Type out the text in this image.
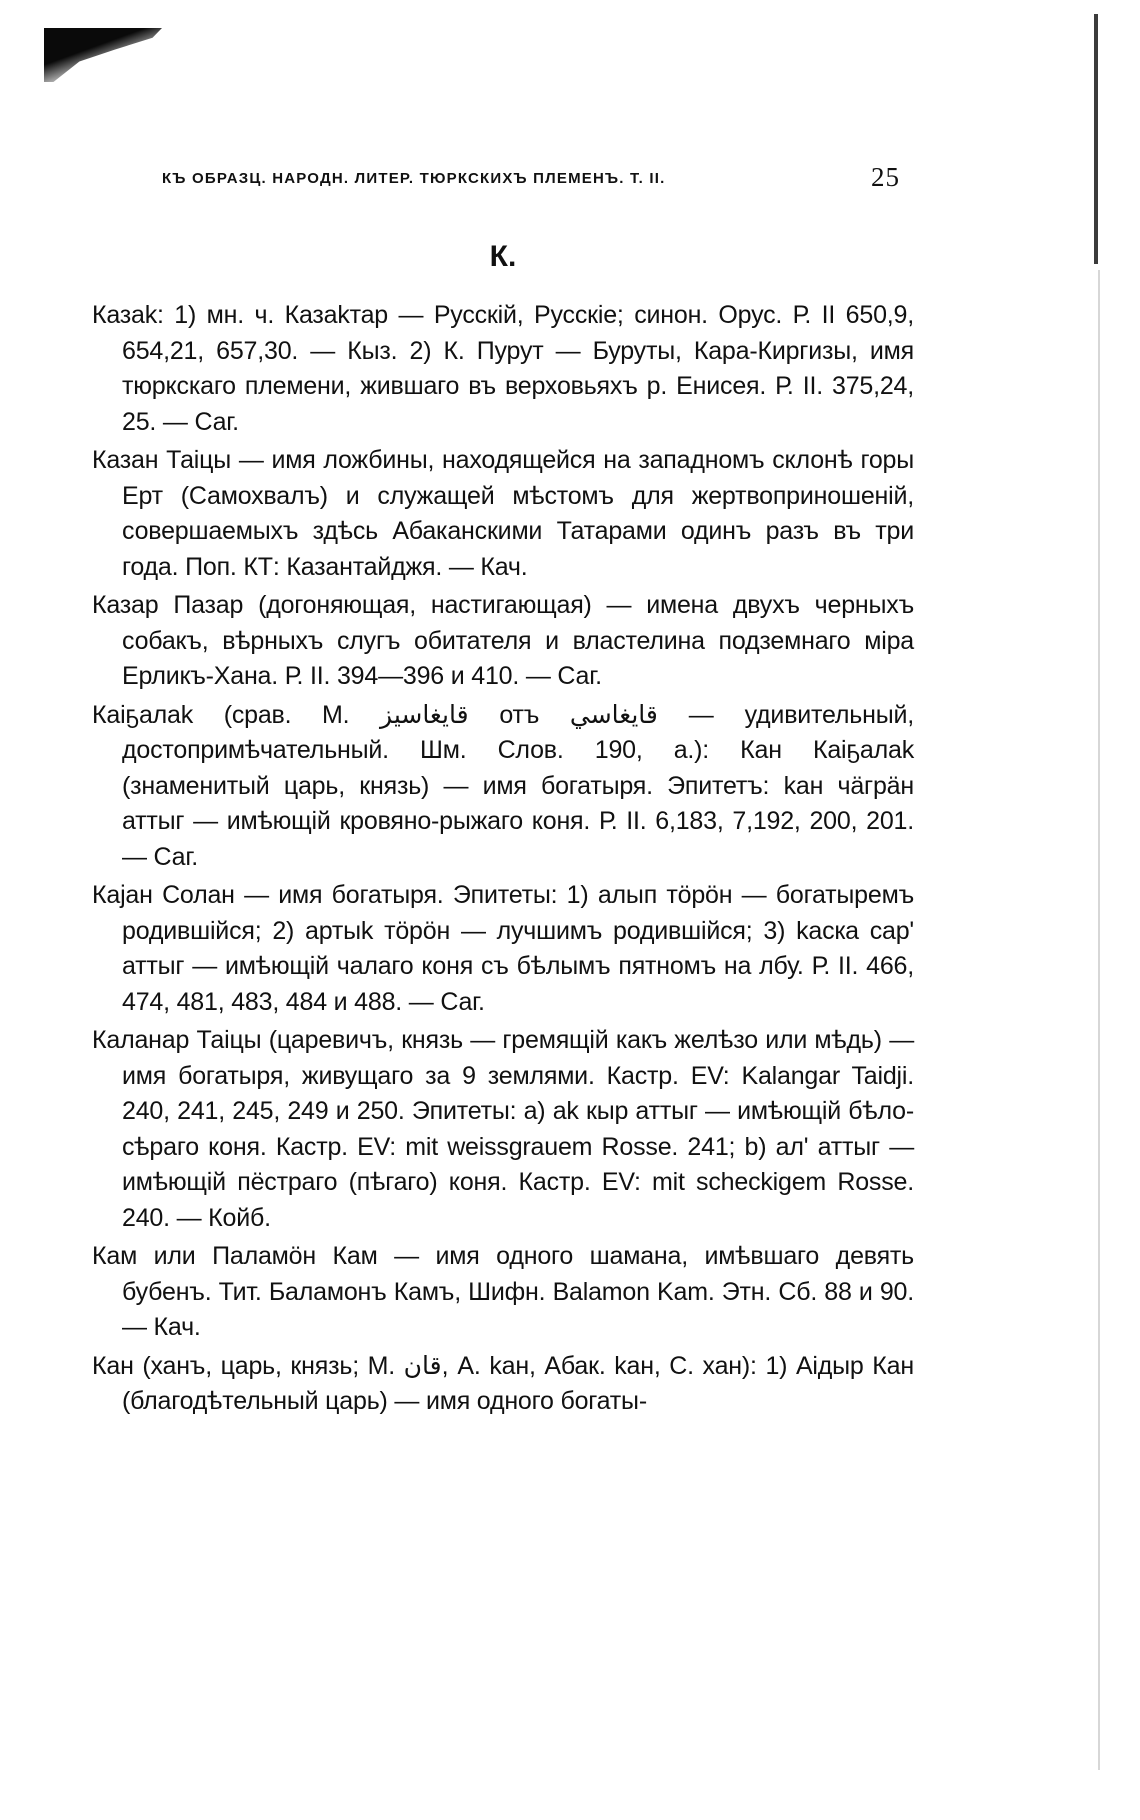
КЪ ОБРАЗЦ. НАРОДН. ЛИТЕР. ТЮРКСКИХЪ ПЛЕМЕНЪ. Т. II.	25
К.

Казаk: 1) мн. ч. Казаkтар — Русскій, Русскіе; синон. Орус. Р. II 650,9, 654,21, 657,30. — Кыз. 2) К. Пурут — Буруты, Кара-Киргизы, имя тюркскаго племени, жившаго въ верховьяхъ р. Енисея. Р. II. 375,24, 25. — Саг.

Казан Таіцы — имя ложбины, находящейся на западномъ склонѣ горы Ерт (Самохвалъ) и служащей мѣстомъ для жертвоприношеній, совершаемыхъ здѣсь Абаканскими Татарами одинъ разъ въ три года. Поп. КТ: Казантайджя. — Кач.

Казар Пазар (догоняющая, настигающая) — имена двухъ черныхъ собакъ, вѣрныхъ слугъ обитателя и властелина подземнаго міра Ерликъ-Хана. Р. II. 394—396 и 410. — Саг.

Каіҕалаk (срав. М. قايغاسيز отъ قايغاسي — удивительный, достопримѣчательный. Шм. Слов. 190, а.): Кан Каіҕалаk (знаменитый царь, князь) — имя богатыря. Эпитетъ: kан чäгрäн аттыг — имѣющій кровяно-рыжаго коня. Р. II. 6,183, 7,192, 200, 201. — Саг.

Кајан Солан — имя богатыря. Эпитеты: 1) алып тöрӧн — богатыремъ родившійся; 2) артыk тöрӧн — лучшимъ родившійся; 3) kаскa сар' аттыг — имѣющій чалаго коня съ бѣлымъ пятномъ на лбу. Р. II. 466, 474, 481, 483, 484 и 488. — Саг.

Каланар Таіцы (царевичъ, князь — гремящій какъ желѣзо или мѣдь) — имя богатыря, живущаго за 9 землями. Кастр. EV: Kalangar Taidji. 240, 241, 245, 249 и 250. Эпитеты: а) аk кыр аттыг — имѣющій бѣло-сѣраго коня. Кастр. EV: mit weissgrauem Rosse. 241; b) ал' аттыг — имѣющій пёстраго (пѣгаго) коня. Кастр. EV: mit scheckigem Rosse. 240. — Койб.

Кам или Паламӧн Кам — имя одного шамана, имѣвшаго девять бубенъ. Тит. Баламонъ Камъ, Шифн. Balamon Kam. Этн. Сб. 88 и 90. — Кач.

Кан (ханъ, царь, князь; М. قان, А. kан, Абак. kан, С. хан): 1) Аідыр Кан (благодѣтельный царь) — имя одного богаты-
